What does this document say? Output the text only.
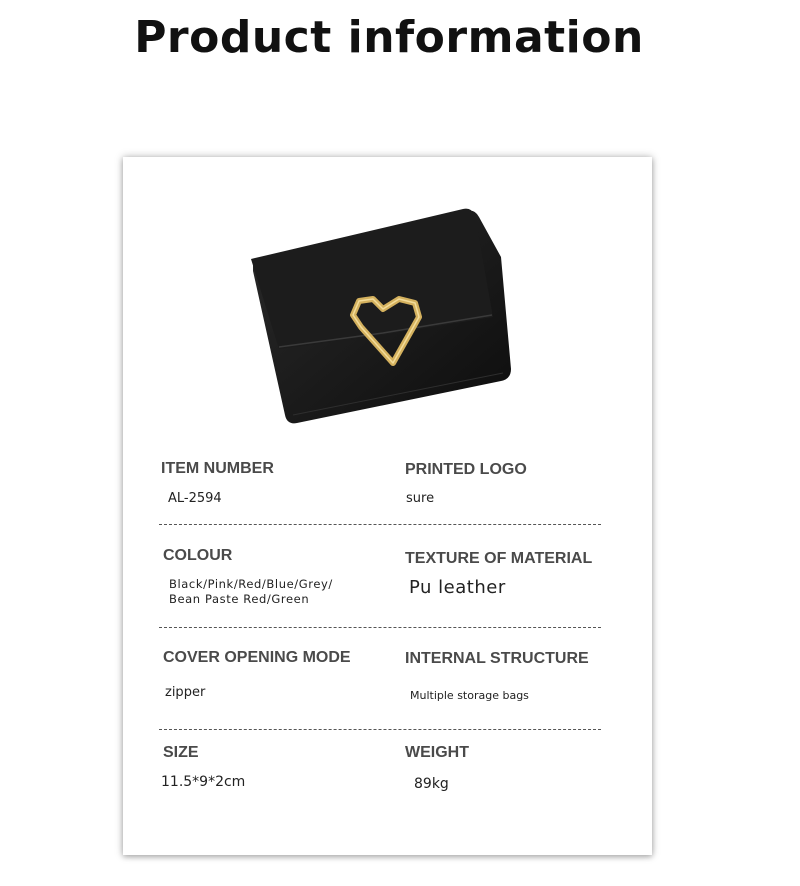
Product information
ITEM NUMBER
AL-2594
PRINTED LOGO
sure
COLOUR
Black/Pink/Red/Blue/Grey/
Bean Paste Red/Green
TEXTURE OF MATERIAL
Pu leather
COVER OPENING MODE
zipper
INTERNAL STRUCTURE
Multiple storage bags
SIZE
11.5*9*2cm
WEIGHT
89kg
